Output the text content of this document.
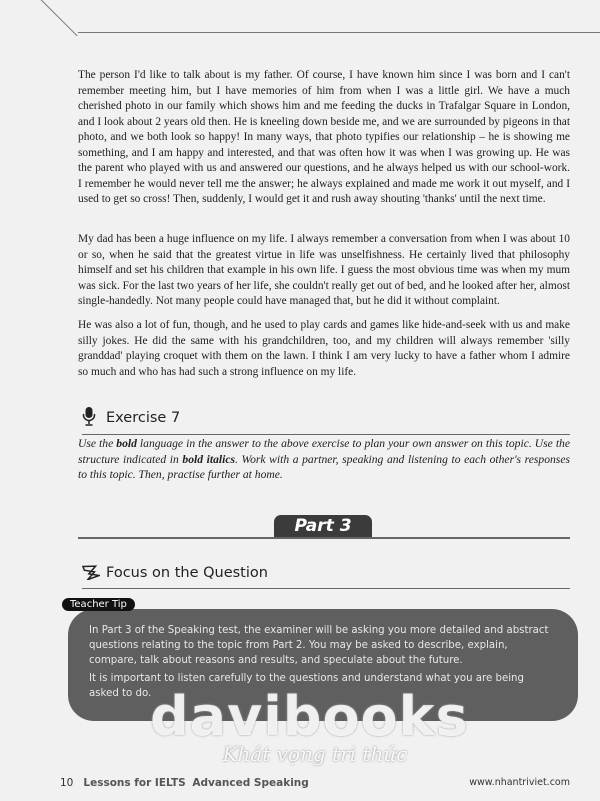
The person I'd like to talk about is my father. Of course, I have known him since I was born and I can't remember meeting him, but I have memories of him from when I was a little girl. We have a much cherished photo in our family which shows him and me feeding the ducks in Trafalgar Square in London, and I look about 2 years old then. He is kneeling down beside me, and we are surrounded by pigeons in that photo, and we both look so happy! In many ways, that photo typifies our relationship – he is showing me something, and I am happy and interested, and that was often how it was when I was growing up. He was the parent who played with us and answered our questions, and he always helped us with our school-work. I remember he would never tell me the answer; he always explained and made me work it out myself, and I used to get so cross! Then, suddenly, I would get it and rush away shouting 'thanks' until the next time.

My dad has been a huge influence on my life. I always remember a conversation from when I was about 10 or so, when he said that the greatest virtue in life was unselfishness. He certainly lived that philosophy himself and set his children that example in his own life. I guess the most obvious time was when my mum was sick. For the last two years of her life, she couldn't really get out of bed, and he looked after her, almost single-handedly. Not many people could have managed that, but he did it without complaint.

He was also a lot of fun, though, and he used to play cards and games like hide-and-seek with us and make silly jokes. He did the same with his grandchildren, too, and my children will always remember 'silly granddad' playing croquet with them on the lawn. I think I am very lucky to have a father whom I admire so much and who has had such a strong influence on my life.

Exercise 7
Use the bold language in the answer to the above exercise to plan your own answer on this topic. Use the structure indicated in bold italics. Work with a partner, speaking and listening to each other's responses to this topic. Then, practise further at home.
Part 3
Focus on the Question
Teacher Tip

In Part 3 of the Speaking test, the examiner will be asking you more detailed and abstract questions relating to the topic from Part 2. You may be asked to describe, explain, compare, talk about reasons and results, and speculate about the future.

It is important to listen carefully to the questions and understand what you are being asked to do.

davibooks
Khát vọng tri thức
10 Lessons for IELTS Advanced Speaking	www.nhantriviet.com
